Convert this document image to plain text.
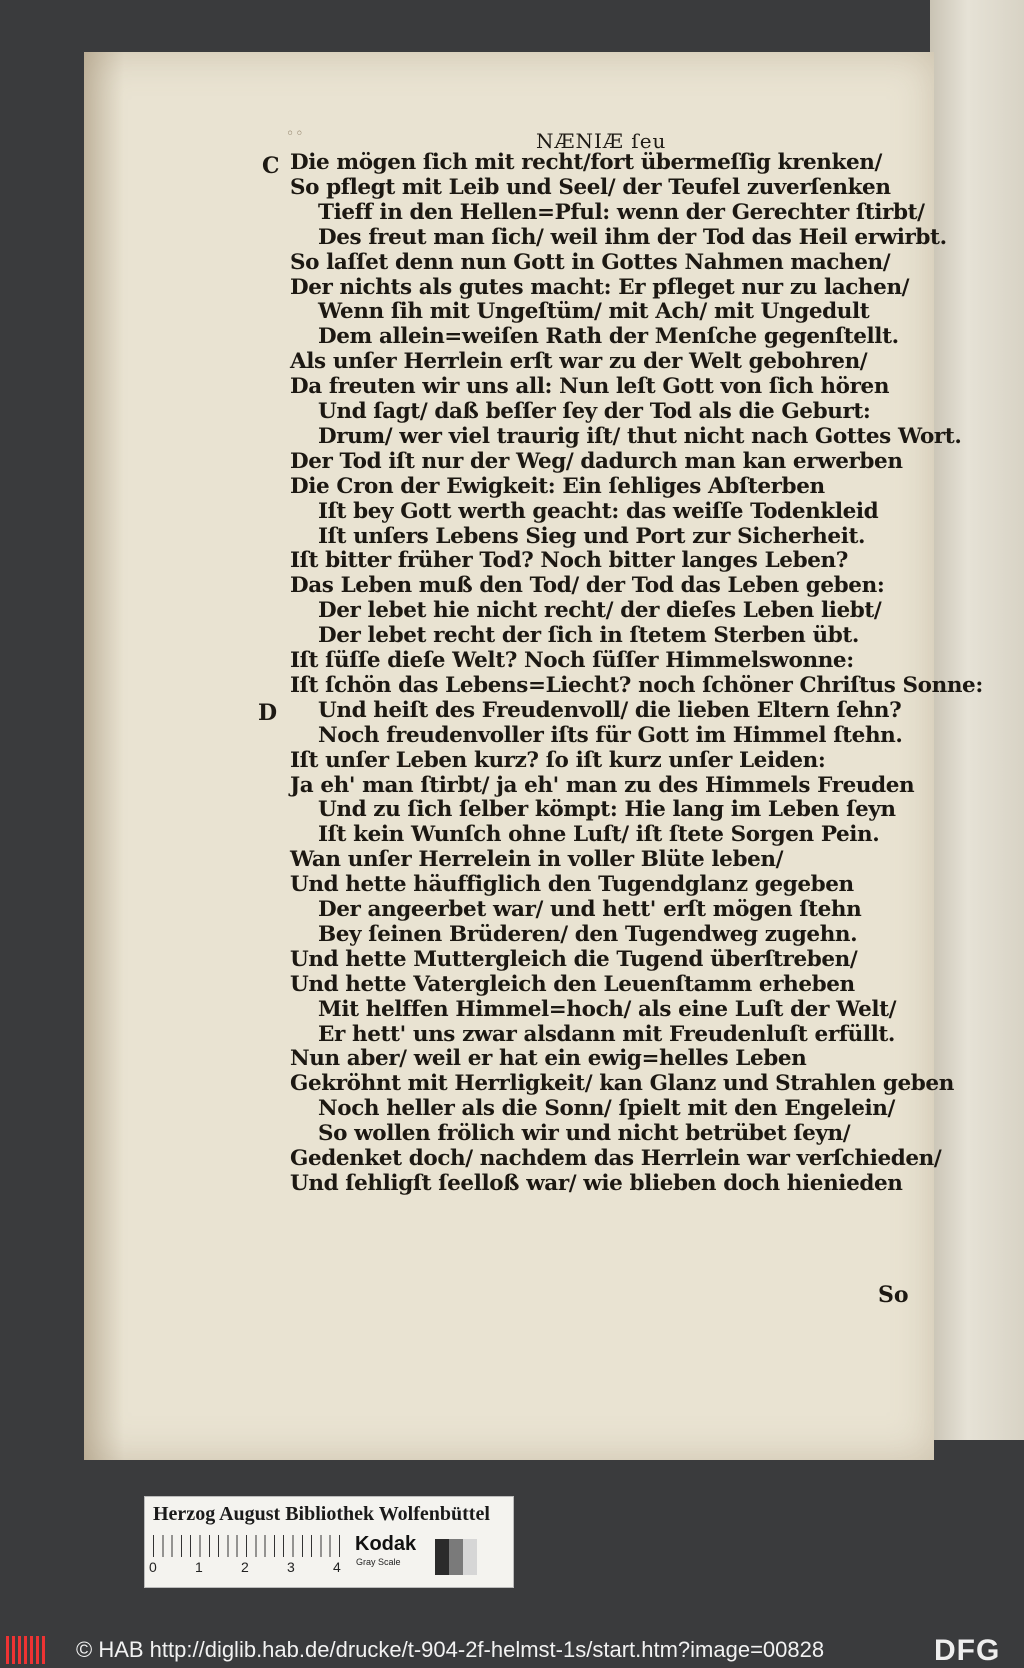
◦◦	NÆNIÆ ſeu
C
D
Die mögen ſich mit recht/fort übermeſſig krenken/
So pflegt mit Leib und Seel/ der Teufel zuverſenken
Tieff in den Hellen=Pful: wenn der Gerechter ſtirbt/
Des freut man ſich/ weil ihm der Tod das Heil erwirbt.
So laſſet denn nun Gott in Gottes Nahmen machen/
Der nichts als gutes macht: Er pfleget nur zu lachen/
Wenn ſih mit Ungeſtüm/ mit Ach/ mit Ungedult
Dem allein=weiſen Rath der Menſche gegenſtellt.
Als unſer Herrlein erſt war zu der Welt gebohren/
Da freuten wir uns all: Nun leſt Gott von ſich hören
Und ſagt/ daß beſſer ſey der Tod als die Geburt:
Drum/ wer viel traurig iſt/ thut nicht nach Gottes Wort.
Der Tod iſt nur der Weg/ dadurch man kan erwerben
Die Cron der Ewigkeit: Ein ſehliges Abſterben
Iſt bey Gott werth geacht: das weiſſe Todenkleid
Iſt unſers Lebens Sieg und Port zur Sicherheit.
Iſt bitter früher Tod? Noch bitter langes Leben?
Das Leben muß den Tod/ der Tod das Leben geben:
Der lebet hie nicht recht/ der dieſes Leben liebt/
Der lebet recht der ſich in ſtetem Sterben übt.
Iſt ſüſſe dieſe Welt? Noch ſüſſer Himmelswonne:
Iſt ſchön das Lebens=Liecht? noch ſchöner Chriſtus Sonne:
Und heiſt des Freudenvoll/ die lieben Eltern ſehn?
Noch freudenvoller iſts für Gott im Himmel ſtehn.
Iſt unſer Leben kurz? ſo iſt kurz unſer Leiden:
Ja eh' man ſtirbt/ ja eh' man zu des Himmels Freuden
Und zu ſich ſelber kömpt: Hie lang im Leben ſeyn
Iſt kein Wunſch ohne Luſt/ iſt ſtete Sorgen Pein.
Wan unſer Herrelein in voller Blüte leben/
Und hette häuffiglich den Tugendglanz gegeben
Der angeerbet war/ und hett' erſt mögen ſtehn
Bey ſeinen Brüderen/ den Tugendweg zugehn.
Und hette Muttergleich die Tugend überſtreben/
Und hette Vatergleich den Leuenſtamm erheben
Mit helffen Himmel=hoch/ als eine Luſt der Welt/
Er hett' uns zwar alsdann mit Freudenluſt erfüllt.
Nun aber/ weil er hat ein ewig=helles Leben
Gekröhnt mit Herrligkeit/ kan Glanz und Strahlen geben
Noch heller als die Sonn/ ſpielt mit den Engelein/
So wollen frölich wir und nicht betrübet ſeyn/
Gedenket doch/ nachdem das Herrlein war verſchieden/
Und ſehligſt ſeelloß war/ wie blieben doch hienieden
So
Herzog August Bibliothek Wolfenbüttel
0	1	2	3	4
Kodak
Gray Scale
© HAB http://diglib.hab.de/drucke/t-904-2f-helmst-1s/start.htm?image=00828	DFG
